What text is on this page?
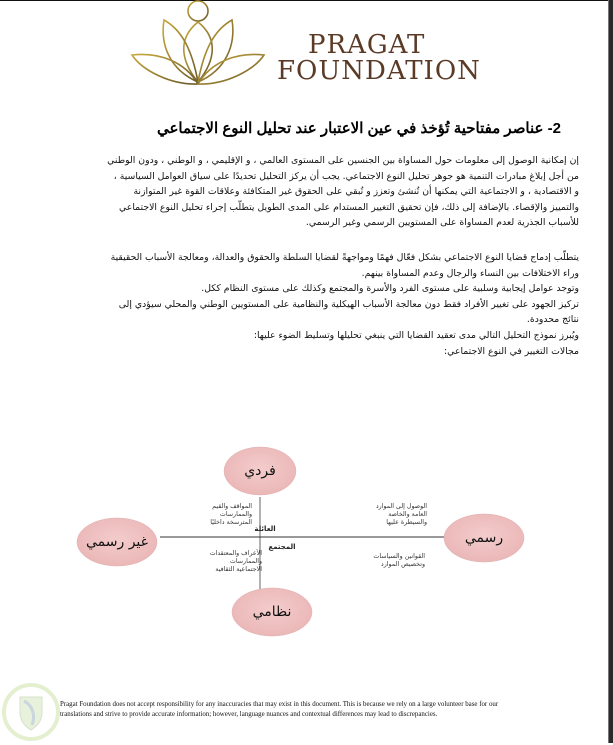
PRAGAT
FOUNDATION
2- عناصر مفتاحية تُؤخذ في عين الاعتبار عند تحليل النوع الاجتماعي
إن إمكانية الوصول إلى معلومات حول المساواة بين الجنسين على المستوى العالمي ، و الإقليمي ، و الوطني ، ودون الوطني
من أجل إبلاغ مبادرات التنمية هو جوهر تحليل النوع الاجتماعي. يجب أن يركز التحليل تحديدًا على سياق العوامل السياسية ،
و الاقتصادية ، و الاجتماعية التي يمكنها أن تُنشئ وتعزز و تُبقي على الحقوق غير المتكافئة وعلاقات القوة غير المتوازنة
والتمييز والإقصاء. بالإضافة إلى ذلك، فإن تحقيق التغيير المستدام على المدى الطويل يتطلّب إجراء تحليل النوع الاجتماعي
للأسباب الجذرية لعدم المساواة على المستويين الرسمي وغير الرسمي.
يتطلّب إدماج قضايا النوع الاجتماعي بشكل فعّال فهمًا ومواجهةً لقضايا السلطة والحقوق والعدالة، ومعالجة الأسباب الحقيقية
وراء الاختلافات بين النساء والرجال وعدم المساواة بينهم.
وتوجد عوامل إيجابية وسلبية على مستوى الفرد والأسرة والمجتمع وكذلك على مستوى النظام ككل.
تركيز الجهود على تغيير الأفراد فقط دون معالجة الأسباب الهيكلية والنظامية على المستويين الوطني والمحلي سيؤدي إلى
نتائج محدودة.
ويُبرز نموذج التحليل التالي مدى تعقيد القضايا التي ينبغي تحليلها وتسليط الضوء عليها:
مجالات التغيير في النوع الاجتماعي:
فردي
غير رسمي	رسمي
نظامي
العائلة
المجتمع
المواقف والقيم
والممارسات
المترسخة داخليًا
الوصول إلى الموارد
العامة والخاصة
والسيطرة عليها
الأعراف والمعتقدات
والممارسات
الاجتماعية الثقافية
القوانين والسياسات
وتخصيص الموارد
Pragat Foundation does not accept responsibility for any inaccuracies that may exist in this document. This is because we rely on a large volunteer base for our translations and strive to provide accurate information; however, language nuances and contextual differences may lead to discrepancies.
